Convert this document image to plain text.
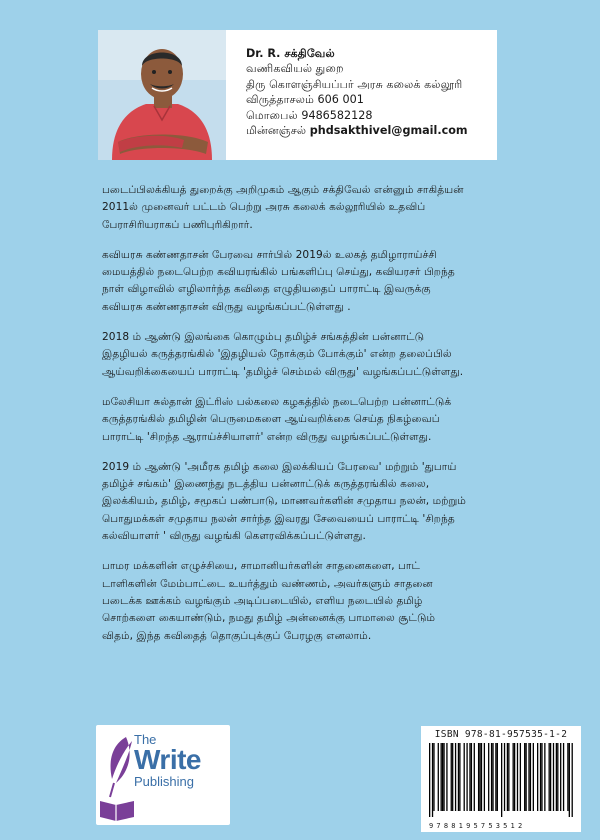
Dr. R. சக்திவேல்
வணிகவியல் துறை
திரு கொளஞ்சியப்பர் அரசு கலைக் கல்லூரி
விருத்தாசலம் 606 001
மொபைல் 9486582128
மின்னஞ்சல் phdsakthivel@gmail.com

படைப்பிலக்கியத் துறைக்கு அறிமுகம் ஆகும் சக்திவேல் என்னும் சாகித்யன்
2011ல் முனைவர் பட்டம் பெற்று அரசு கலைக் கல்லூரியில் உதவிப்
பேராசிரியராகப் பணிபுரிகிறார்.

கவியரசு கண்ணதாசன் பேரவை சார்பில் 2019ல் உலகத் தமிழாராய்ச்சி
மையத்தில் நடைபெற்ற கவியரங்கில் பங்களிப்பு செய்து, கவியரசர் பிறந்த
நாள் விழாவில் எழிலார்ந்த கவிதை எழுதியதைப் பாராட்டி இவருக்கு
கவியரசு கண்ணதாசன் விருது வழங்கப்பட்டுள்ளது .

2018 ம் ஆண்டு இலங்கை கொழும்பு தமிழ்ச் சங்கத்தின் பன்னாட்டு
இதழியல் கருத்தரங்கில் 'இதழியல் நோக்கும் போக்கும்' என்ற தலைப்பில்
ஆய்வறிக்கையைப் பாராட்டி 'தமிழ்ச் செம்மல் விருது' வழங்கப்பட்டுள்ளது.

மலேசியா சுல்தான் இட்ரிஸ் பல்கலை கழகத்தில் நடைபெற்ற பன்னாட்டுக்
கருத்தரங்கில் தமிழின் பெருமைகளை ஆய்வறிக்கை செய்த நிகழ்வைப்
பாராட்டி 'சிறந்த ஆராய்ச்சியாளர்' என்ற விருது வழங்கப்பட்டுள்ளது.

2019 ம் ஆண்டு 'அமீரக தமிழ் கலை இலக்கியப் பேரவை' மற்றும் 'துபாய்
தமிழ்ச் சங்கம்' இணைந்து நடத்திய பன்னாட்டுக் கருத்தரங்கில் கலை,
இலக்கியம், தமிழ், சமூகப் பண்பாடு, மாணவர்களின் சமுதாய நலன், மற்றும்
பொதுமக்கள் சமுதாய நலன் சார்ந்த இவரது சேவையைப் பாராட்டி 'சிறந்த
கல்வியாளர் ' விருது வழங்கி கௌரவிக்கப்பட்டுள்ளது.

பாமர மக்களின் எழுச்சியை, சாமானியர்களின் சாதனைகளை, பாட்
டாளிகளின் மேம்பாட்டை உயர்த்தும் வண்ணம், அவர்களும் சாதனை
படைக்க ஊக்கம் வழங்கும் அடிப்படையில், எளிய நடையில் தமிழ்
சொற்களை கையாண்டும், நமது தமிழ் அன்னைக்கு பாமாலை சூட்டும்
விதம், இந்த கவிதைத் தொகுப்புக்குப் பேரழகு எனலாம்.

The
Write
Publishing
ISBN 978-81-957535-1-2
9788195753512
